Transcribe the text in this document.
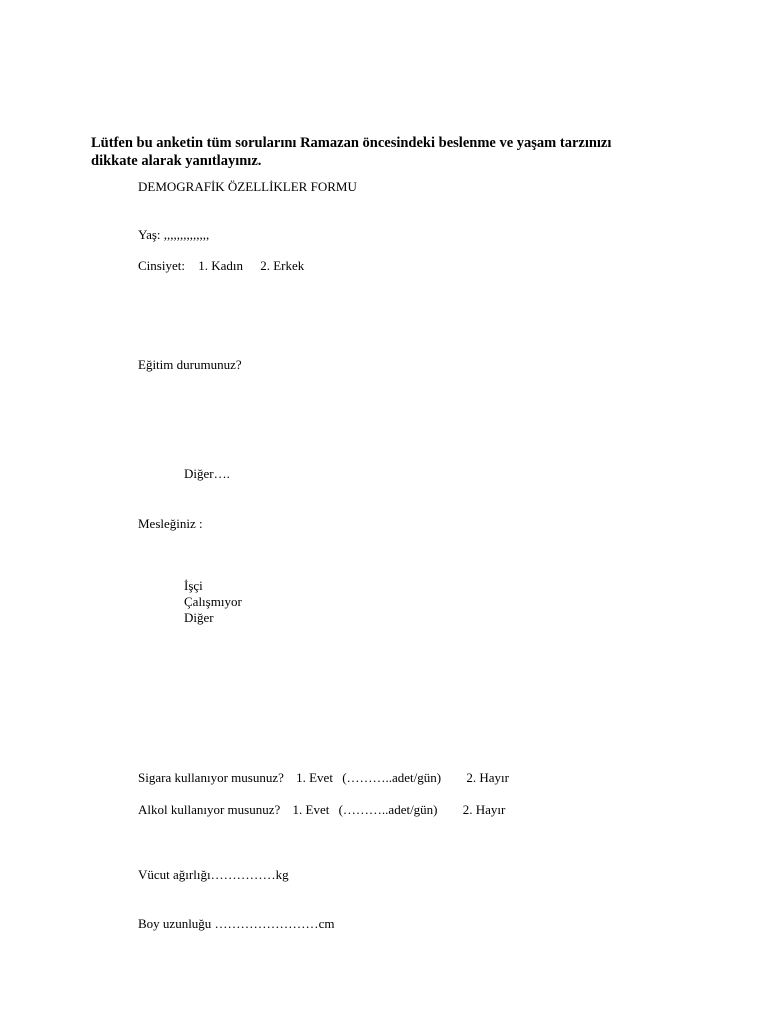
Lütfen bu anketin tüm sorularını Ramazan öncesindeki beslenme ve yaşam tarzınızı
dikkate alarak yanıtlayınız.
DEMOGRAFİK ÖZELLİKLER FORMU
Yaş: ,,,,,,,,,,,,,,
Cinsiyet: 1. Kadın 2. Erkek
Eğitim durumunuz?
Diğer….
Mesleğiniz :
İşçi
Çalışmıyor
Diğer
Sigara kullanıyor musunuz? 1. Evet (………..adet/gün) 2. Hayır
Alkol kullanıyor musunuz? 1. Evet (………..adet/gün) 2. Hayır
Vücut ağırlığı……………kg
Boy uzunluğu ……………………cm
